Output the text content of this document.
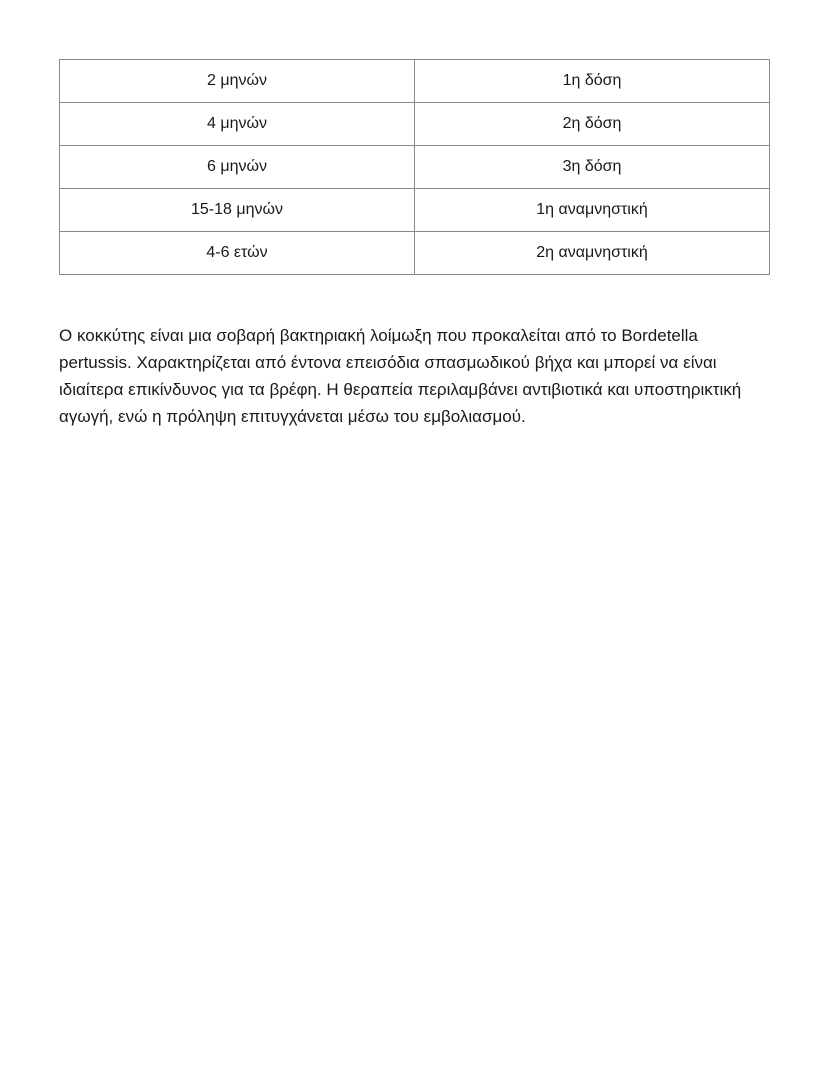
2 μηνών	1η δόση
4 μηνών	2η δόση
6 μηνών	3η δόση
15-18 μηνών	1η αναμνηστική
4-6 ετών	2η αναμνηστική

Ο κοκκύτης είναι μια σοβαρή βακτηριακή λοίμωξη που προκαλείται από το Bordetella pertussis. Χαρακτηρίζεται από έντονα επεισόδια σπασμωδικού βήχα και μπορεί να είναι ιδιαίτερα επικίνδυνος για τα βρέφη. Η θεραπεία περιλαμβάνει αντιβιοτικά και υποστηρικτική αγωγή, ενώ η πρόληψη επιτυγχάνεται μέσω του εμβολιασμού.
